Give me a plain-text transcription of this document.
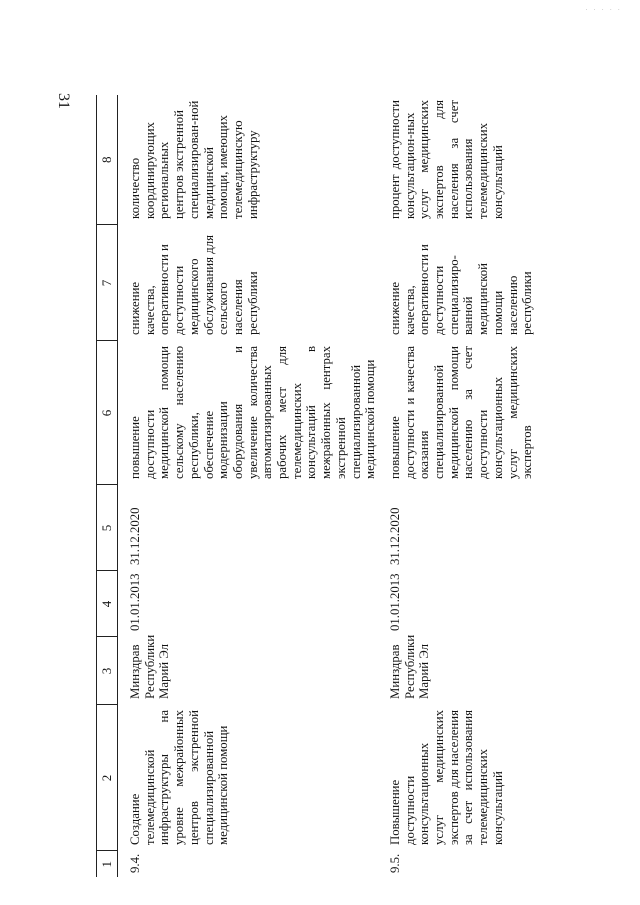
31
· · · · ·
1	2	3	4	5	6	7	8
9.4.	Создание телемедицинской инфраструктуры на уровне межрайонных центров экстренной специализированной медицинской помощи	Минздрав Республики Марий Эл	01.01.2013	31.12.2020	повышение доступности медицинской помощи сельскому населению республики, обеспечение модернизации оборудования и увеличение количества автоматизированных рабочих мест для телемедицинских консультаций в межрайонных центрах экстренной специализированной медицинской помощи	снижение качества, оперативности и доступности медицинского обслуживания для сельского населения республики	количество координирующих региональных центров экстренной специализирован-ной медицинской помощи, имеющих телемедицинскую инфраструктуру
9.5.	Повышение доступности консультационных услуг медицинских экспертов для населения за счет использования телемедицинских консультаций	Минздрав Республики Марий Эл	01.01.2013	31.12.2020	повышение доступности и качества оказания специализированной медицинской помощи населению за счет доступности консультационных услуг медицинских экспертов	снижение качества, оперативности и доступности специализиро-ванной медицинской помощи населению республики	процент доступности консультацион-ных услуг медицинских экспертов для населения за счет использования телемедицинских консультаций
